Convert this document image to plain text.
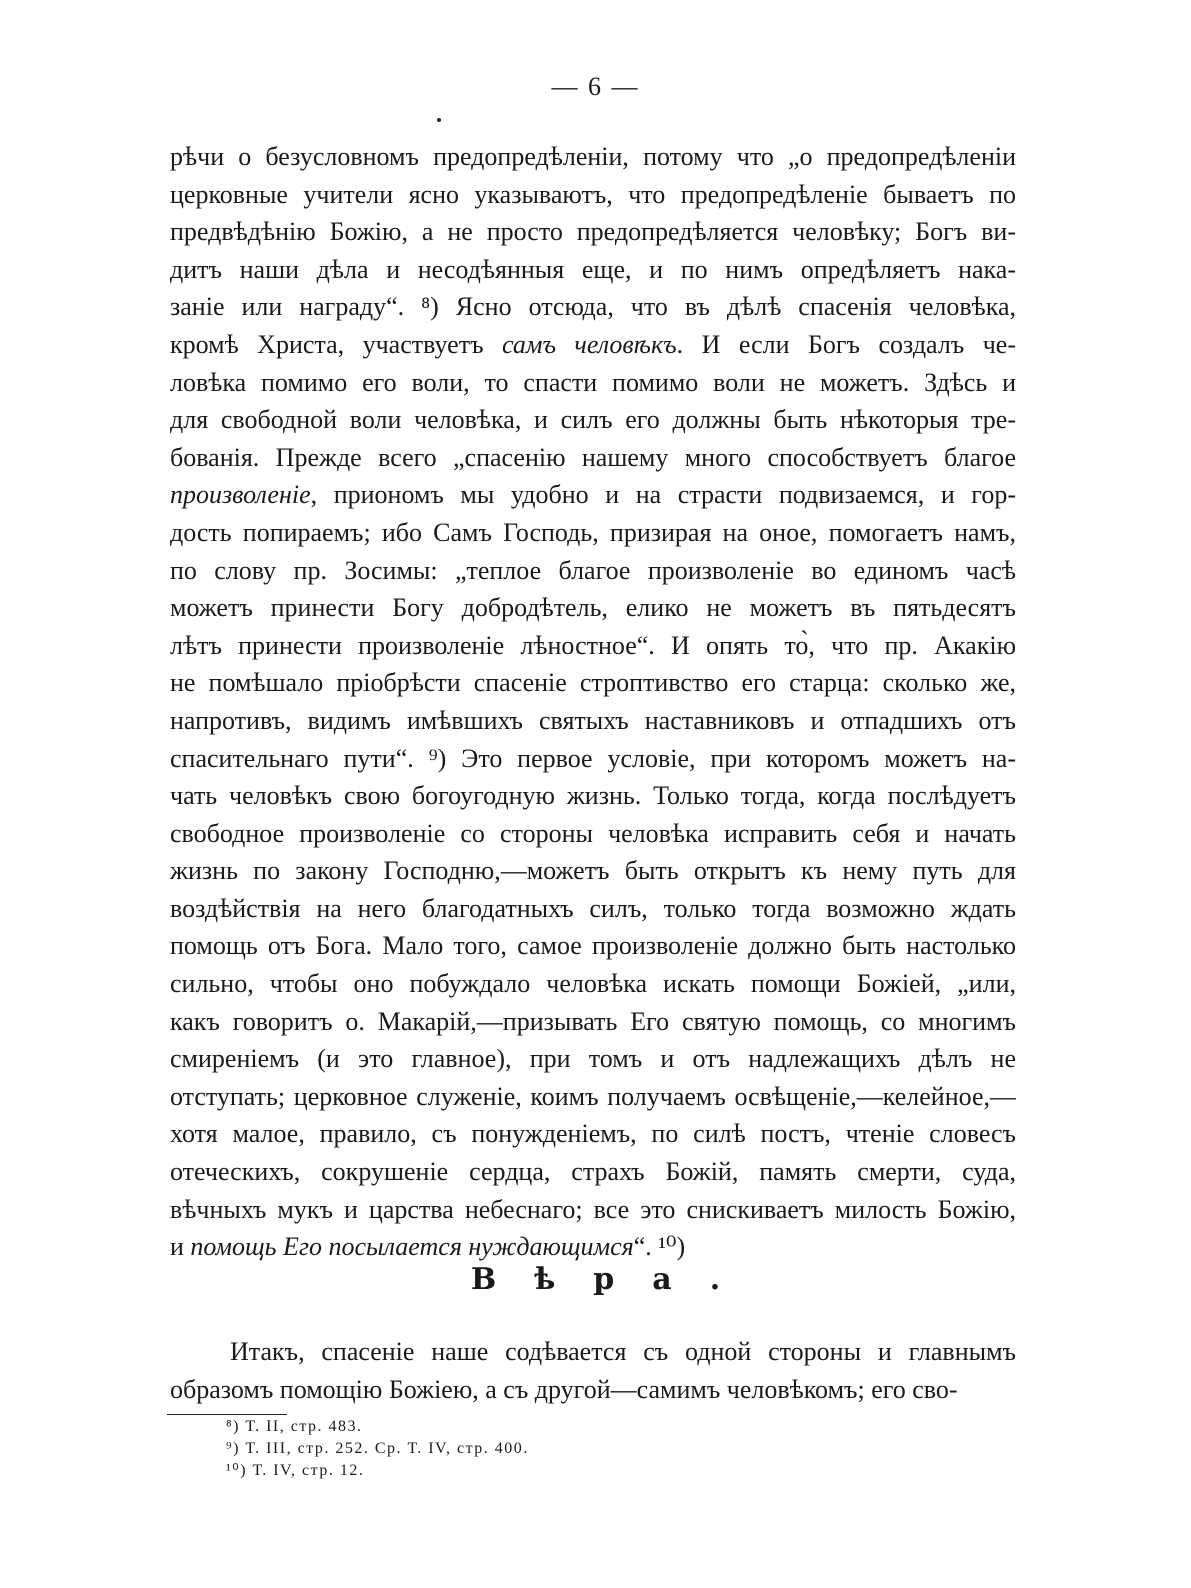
— 6 —
рѣчи о безусловномъ предопредѣленіи, потому что „о предопредѣленіи
церковные учители ясно указываютъ, что предопредѣленіе бываетъ по
предвѣдѣнію Божію, а не просто предопредѣляется человѣку; Богъ ви-
дитъ наши дѣла и несодѣянныя еще, и по нимъ опредѣляетъ нака-
заніе или награду“. ⁸) Ясно отсюда, что въ дѣлѣ спасенія человѣка,
кромѣ Христа, участвуетъ самъ человѣкъ. И если Богъ создалъ че-
ловѣка помимо его воли, то спасти помимо воли не можетъ. Здѣсь и
для свободной воли человѣка, и силъ его должны быть нѣкоторыя тре-
бованія. Прежде всего „спасенію нашему много способствуетъ благое
произволеніе, приономъ мы удобно и на страсти подвизаемся, и гор-
дость попираемъ; ибо Самъ Господь, призирая на оное, помогаетъ намъ,
по слову пр. Зосимы: „теплое благое произволеніе во единомъ часѣ
можетъ принести Богу добродѣтель, елико не можетъ въ пятьдесятъ
лѣтъ принести произволеніе лѣностное“. И опять то̀, что пр. Акакію
не помѣшало пріобрѣсти спасеніе строптивство его старца: сколько же,
напротивъ, видимъ имѣвшихъ святыхъ наставниковъ и отпадшихъ отъ
спасительнаго пути“. ⁹) Это первое условіе, при которомъ можетъ на-
чать человѣкъ свою богоугодную жизнь. Только тогда, когда послѣдуетъ
свободное произволеніе со стороны человѣка исправить себя и начать
жизнь по закону Господню,—можетъ быть открытъ къ нему путь для
воздѣйствія на него благодатныхъ силъ, только тогда возможно ждать
помощь отъ Бога. Мало того, самое произволеніе должно быть настолько
сильно, чтобы оно побуждало человѣка искать помощи Божіей, „или,
какъ говоритъ о. Макарій,—призывать Его святую помощь, со многимъ
смиреніемъ (и это главное), при томъ и отъ надлежащихъ дѣлъ не
отступать; церковное служеніе, коимъ получаемъ освѣщеніе,—келейное,—
хотя малое, правило, съ понужденіемъ, по силѣ постъ, чтеніе словесъ
отеческихъ, сокрушеніе сердца, страхъ Божій, память смерти, суда,
вѣчныхъ мукъ и царства небеснаго; все это снискиваетъ милость Божію,
и помощь Его посылается нуждающимся“. ¹⁰)
Вѣра.
Итакъ, спасеніе наше содѣвается съ одной стороны и главнымъ
образомъ помощію Божіею, а съ другой—самимъ человѣкомъ; его сво-
⁸) Т. II, стр. 483.
⁹) Т. III, стр. 252. Ср. Т. IV, стр. 400.
¹⁰) Т. IV, стр. 12.
